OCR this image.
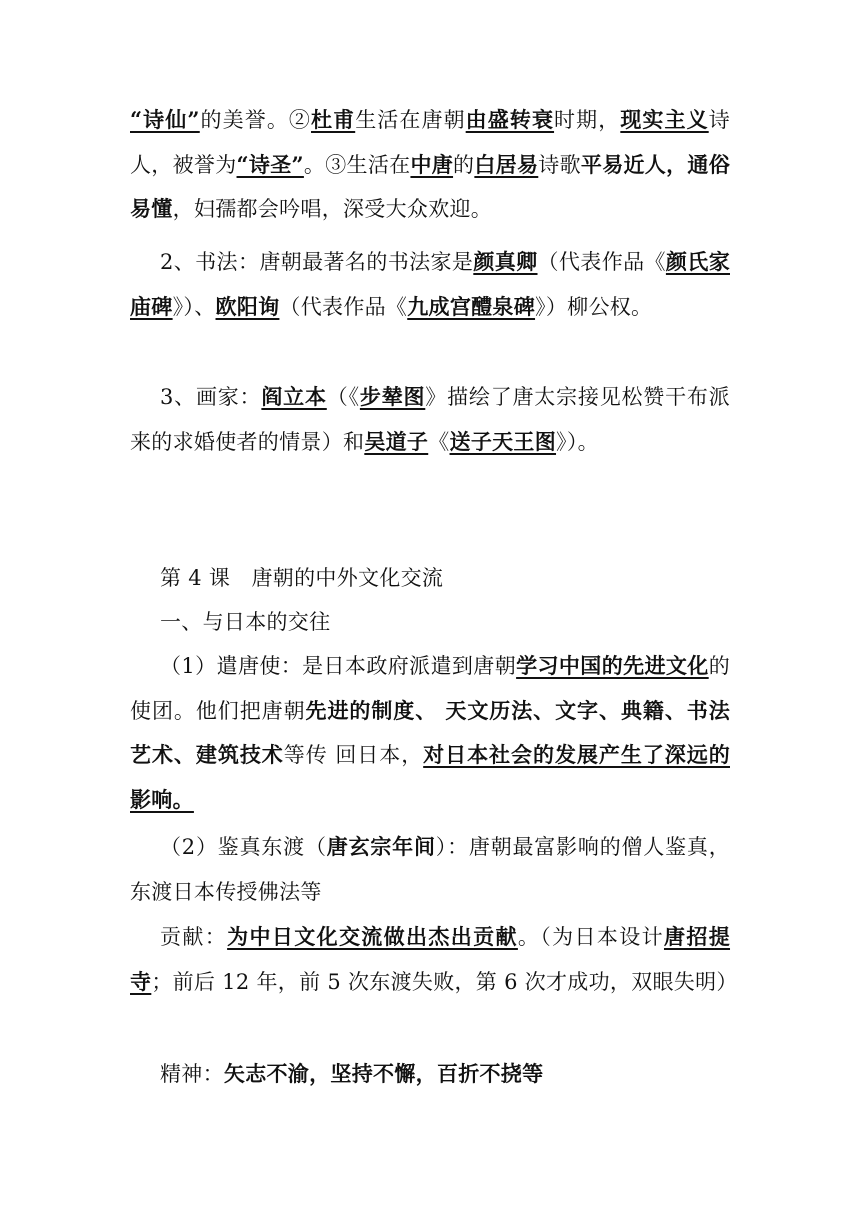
“诗仙”的美誉。②杜甫生活在唐朝由盛转衰时期，现实主义诗人，被誉为“诗圣”。③生活在中唐的白居易诗歌平易近人，通俗易懂，妇孺都会吟唱，深受大众欢迎。
2、书法：唐朝最著名的书法家是颜真卿（代表作品《颜氏家庙碑》）、欧阳询（代表作品《九成宫醴泉碑》）柳公权。
3、画家：阎立本（《步辇图》描绘了唐太宗接见松赞干布派来的求婚使者的情景）和吴道子《送子天王图》）。
第 4 课　唐朝的中外文化交流
一、与日本的交往
（1）遣唐使：是日本政府派遣到唐朝学习中国的先进文化的使团。他们把唐朝先进的制度、 天文历法、文字、典籍、书法艺术、建筑技术等传 回日本，对日本社会的发展产生了深远的影响。
（2）鉴真东渡（唐玄宗年间）：唐朝最富影响的僧人鉴真，东渡日本传授佛法等
贡献：为中日文化交流做出杰出贡献。（为日本设计唐招提寺；前后 12 年，前 5 次东渡失败，第 6 次才成功，双眼失明）
精神：矢志不渝，坚持不懈，百折不挠等
